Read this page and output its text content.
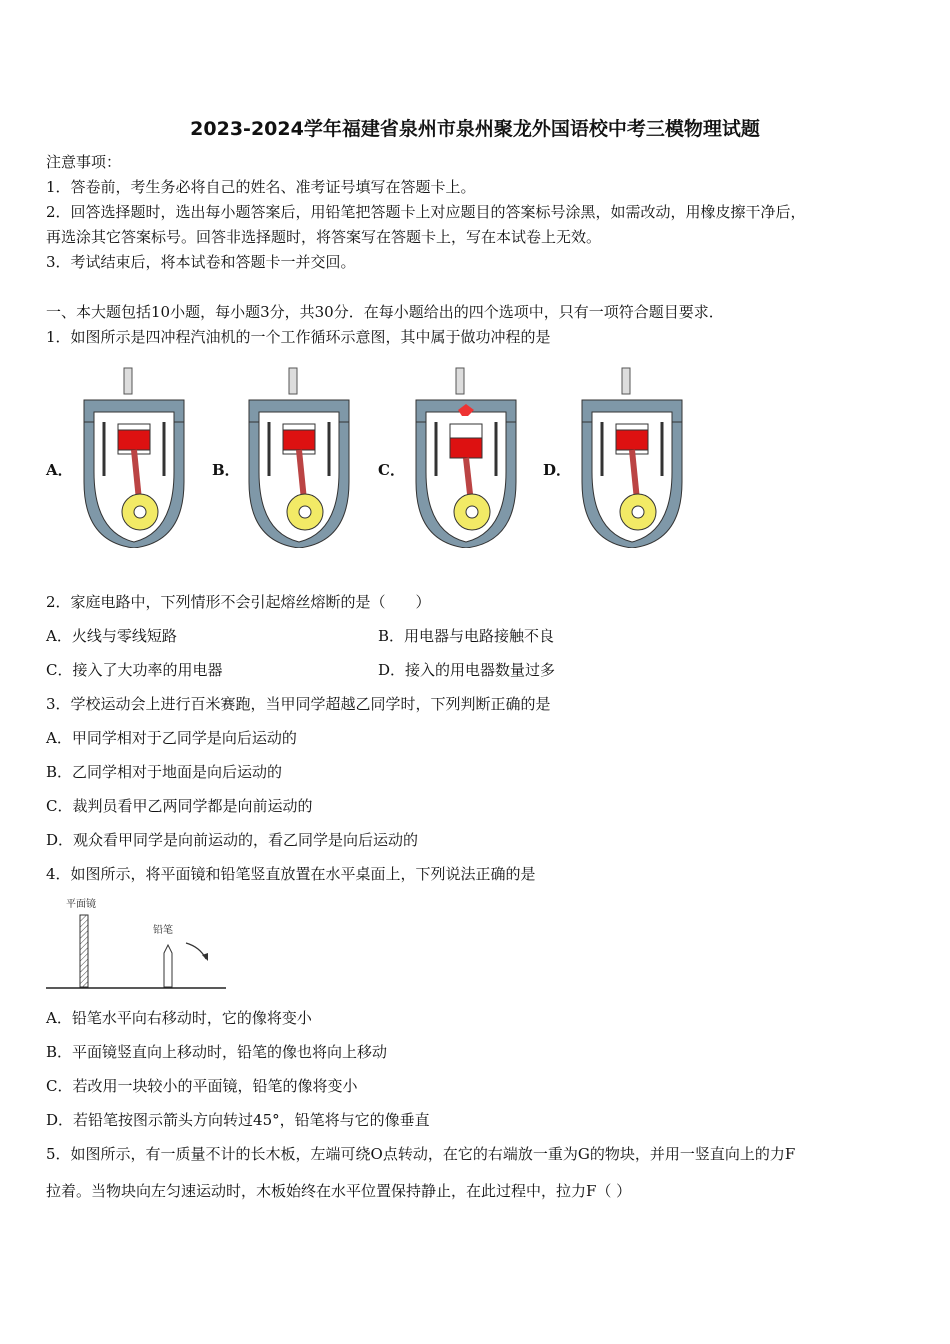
2023-2024学年福建省泉州市泉州聚龙外国语校中考三模物理试题
注意事项：
1．答卷前，考生务必将自己的姓名、准考证号填写在答题卡上。
2．回答选择题时，选出每小题答案后，用铅笔把答题卡上对应题目的答案标号涂黑，如需改动，用橡皮擦干净后，
再选涂其它答案标号。回答非选择题时，将答案写在答题卡上，写在本试卷上无效。
3．考试结束后，将本试卷和答题卡一并交回。
一、本大题包括10小题，每小题3分，共30分．在每小题给出的四个选项中，只有一项符合题目要求．
1．如图所示是四冲程汽油机的一个工作循环示意图，其中属于做功冲程的是
A．	B．	C．	D．
2．家庭电路中，下列情形不会引起熔丝熔断的是（　　）
A．火线与零线短路	B．用电器与电路接触不良
C．接入了大功率的用电器	D．接入的用电器数量过多
3．学校运动会上进行百米赛跑，当甲同学超越乙同学时，下列判断正确的是
A．甲同学相对于乙同学是向后运动的
B．乙同学相对于地面是向后运动的
C．裁判员看甲乙两同学都是向前运动的
D．观众看甲同学是向前运动的，看乙同学是向后运动的
4．如图所示，将平面镜和铅笔竖直放置在水平桌面上，下列说法正确的是
平面镜
铅笔
A．铅笔水平向右移动时，它的像将变小
B．平面镜竖直向上移动时，铅笔的像也将向上移动
C．若改用一块较小的平面镜，铅笔的像将变小
D．若铅笔按图示箭头方向转过45°，铅笔将与它的像垂直
5．如图所示，有一质量不计的长木板，左端可绕O点转动，在它的右端放一重为G的物块，并用一竖直向上的力F
拉着。当物块向左匀速运动时，木板始终在水平位置保持静止，在此过程中，拉力F（ ）
